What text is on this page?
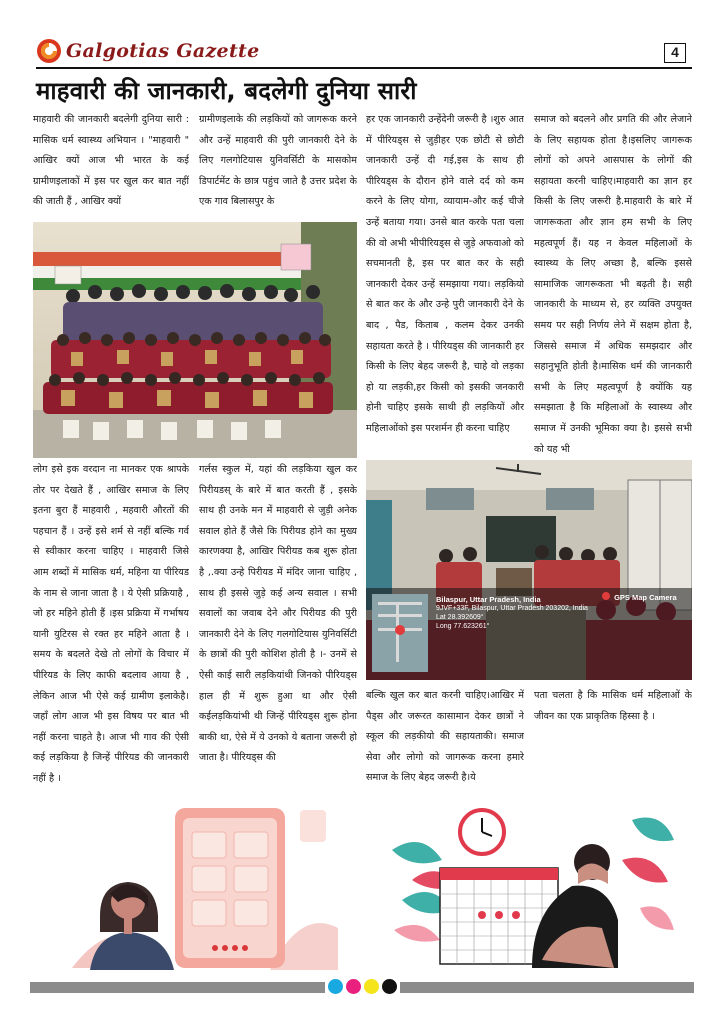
Galgotias Gazette	4
माहवारी की जानकारी, बदलेगी दुनिया सारी
माहवारी की जानकारी बदलेगी दुनिया सारी : मासिक धर्म स्वास्थ्य अभियान । "माहवारी " आखिर क्यों आज भी भारत के कई ग्रामीणइलाकों में इस पर खुल कर बात नहीं की जाती हैं , आखिर क्यों
ग्रामीणइलाके की लड़कियों को जागरूक करने और उन्हें माहवारी की पुरी जानकारी देने के लिए गलगोटियास युनिवर्सिटी के मासकोम डिपार्टमेंट के छात्र पहुंच जाते है उत्तर प्रदेश के एक गाव बिलासपुर के
हर एक जानकारी उन्हेंदेनी जरूरी है ।शुरु आत में पीरियड्स से जुड़ीहर एक छोटी से छोटी जानकारी उन्हें दी गई,इस के साथ ही पीरियड्स के दौरान होने वाले दर्द को कम करने के लिए योगा, व्यायाम-और कई चीजे उन्हें बताया गया। उनसे बात करके पता चला की वो अभी भीपीरियड्स से जुड़े अफवाओ को सचमानती है, इस पर बात कर के सही जानकारी देकर उन्हें समझाया गया। लड़कियो से बात कर के और उन्हे पुरी जानकारी देने के बाद , पैड, किताब , कलम देकर उनकी सहायता करते है । पीरियड्स की जानकारी हर किसी के लिए बेहद जरूरी है, चाहे वो लड़का हो या लड़की,हर किसी को इसकी जनकारी होनी चाहिए इसके साथी ही लड़कियों और महिलाओंको इस परशर्मन ही करना चाहिए
समाज को बदलने और प्रगति की और लेजाने के लिए सहायक होता है।इसलिए जागरूक लोगों को अपने आसपास के लोगों की सहायता करनी चाहिए।माहवारी का ज्ञान हर किसी के लिए जरूरी है.माहवारी के बारे में जागरूकता और ज्ञान हम सभी के लिए महत्वपूर्ण हैं। यह न केवल महिलाओं के स्वास्थ्य के लिए अच्छा है, बल्कि इससे सामाजिक जागरूकता भी बढ़ती है। सही जानकारी के माध्यम से, हर व्यक्ति उपयुक्त समय पर सही निर्णय लेने में सक्षम होता है, जिससे समाज में अधिक समझदार और सहानुभूति होती है।मासिक धर्म की जानकारी सभी के लिए महत्वपूर्ण है क्योंकि यह समझाता है कि महिलाओं के स्वास्थ्य और समाज में उनकी भूमिका क्या है। इससे सभी को यह भी
GPS Map Camera
Bilaspur, Uttar Pradesh, India
9JVF+33F, Bilaspur, Uttar Pradesh 203202, India
Lat 28.392609°
Long 77.623261°
लोग इसे इक वरदान ना मानकर एक श्रापके तोर पर देखते हैं , आखिर समाज के लिए इतना बुरा हैं माहवारी , महवारी औरतों की पहचान हैं । उन्हें इसे शर्म से नहीं बल्कि गर्व से स्वीकार करना चाहिए । माहवारी जिसे आम शब्दों में मासिक धर्म, महिना या पीरियड के नाम से जाना जाता है । ये ऐसी प्रक्रियाहै , जो हर महिने होती हैं ।इस प्रक्रिया में गर्भाषय यानी युटिरस से रक्त हर महिने आता है । समय के बदलते देखे तो लोगों के विचार में पीरियड के लिए काफी बदलाव आया है , लेकिन आज भी ऐसे कई ग्रामीण इलाकेहै।जहाँ लोग आज भी इस विषय पर बात भी नहीं करना चाहते है। आज भी गाव की ऐसी कई लड़किया है जिन्हें पीरियड की जानकारी नहीं है ।
गर्लस स्कुल में, यहां की लड़किया खुल कर पिरीयडस् के बारे में बात करती हैं , इसके साथ ही उनके मन में माहवारी से जुड़ी अनेक सवाल होते हैं जैसे कि पिरीयड होने का मुख्य कारणक्या है, आखिर पिरीयड कब शुरू होता है ,.क्या उन्हे पिरीयड में मंदिर जाना चाहिए , साथ ही इससे जुड़े कई अन्य सवाल । सभी सवालों का जवाब देने और पिरीयड की पुरी जानकारी देने के लिए गलगोटियास युनिवर्सिटी के छात्रों की पुरी कोशिश होती है ।- उनमें से ऐसी काई सारी लड़कियांथी जिनको पीरियड्स हाल ही में शुरू हुआ था और ऐसी कईलड़कियांभी थी जिन्हें पीरियड्स शुरू होना बाकी था, ऐसे में ये उनको ये बताना जरूरी हो जाता है। पीरियड्स की
बल्कि खुल कर बात करनी चाहिए।आखिर में पैड्स और जरूरत कासामान देकर छात्रों ने स्कूल की लड़कीयो की सहायताकी। समाज सेवा और लोगो को जागरूक करना हमारे समाज के लिए बेहद जरूरी है।ये
पता चलता है कि मासिक धर्म महिलाओं के जीवन का एक प्राकृतिक हिस्सा है ।
